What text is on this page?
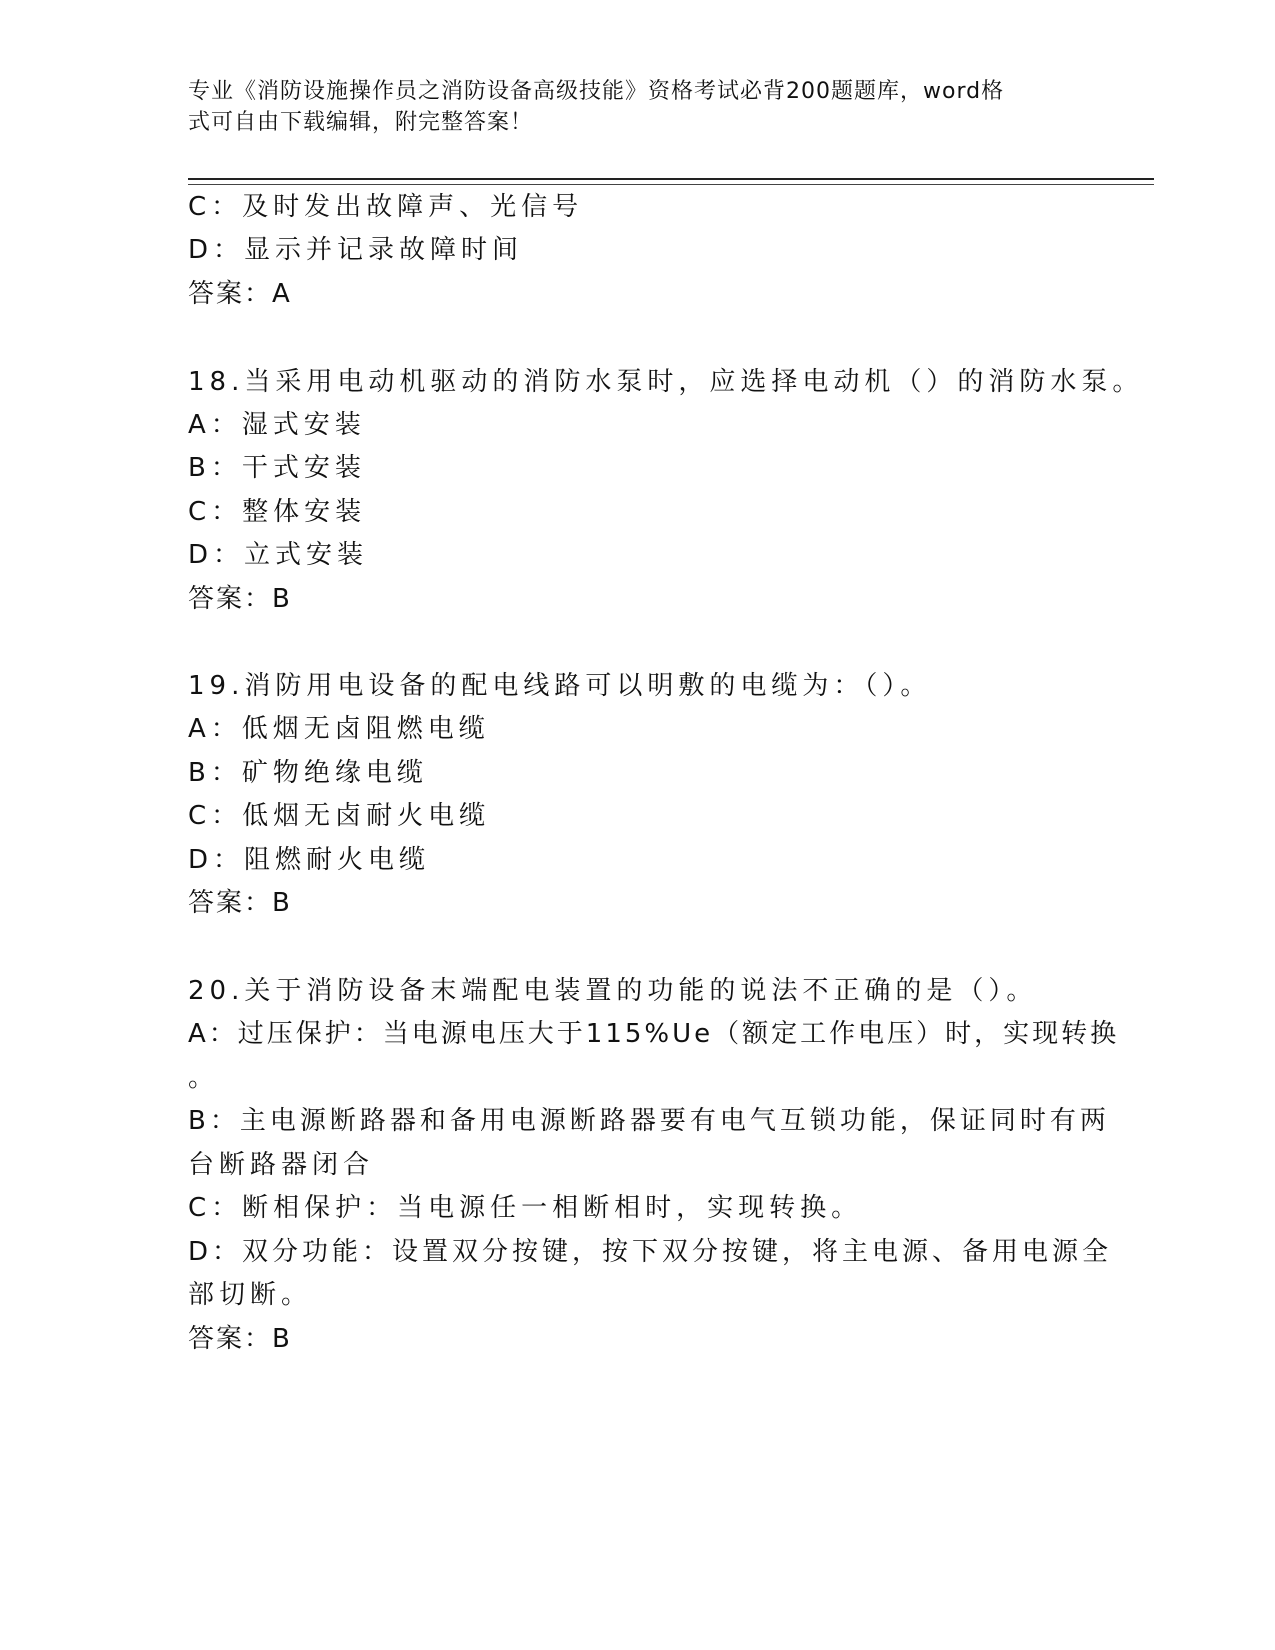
专业《消防设施操作员之消防设备高级技能》资格考试必背200题题库，word格
式可自由下载编辑，附完整答案！
C：及时发出故障声、光信号
D：显示并记录故障时间
答案：A
18.当采用电动机驱动的消防水泵时，应选择电动机（）的消防水泵。
A：湿式安装
B：干式安装
C：整体安装
D：立式安装
答案：B
19.消防用电设备的配电线路可以明敷的电缆为：（）。
A：低烟无卤阻燃电缆
B：矿物绝缘电缆
C：低烟无卤耐火电缆
D：阻燃耐火电缆
答案：B
20.关于消防设备末端配电装置的功能的说法不正确的是（）。
A：过压保护：当电源电压大于115%Ue（额定工作电压）时，实现转换
。
B：主电源断路器和备用电源断路器要有电气互锁功能，保证同时有两
台断路器闭合
C：断相保护：当电源任一相断相时，实现转换。
D：双分功能：设置双分按键，按下双分按键，将主电源、备用电源全
部切断。
答案：B
